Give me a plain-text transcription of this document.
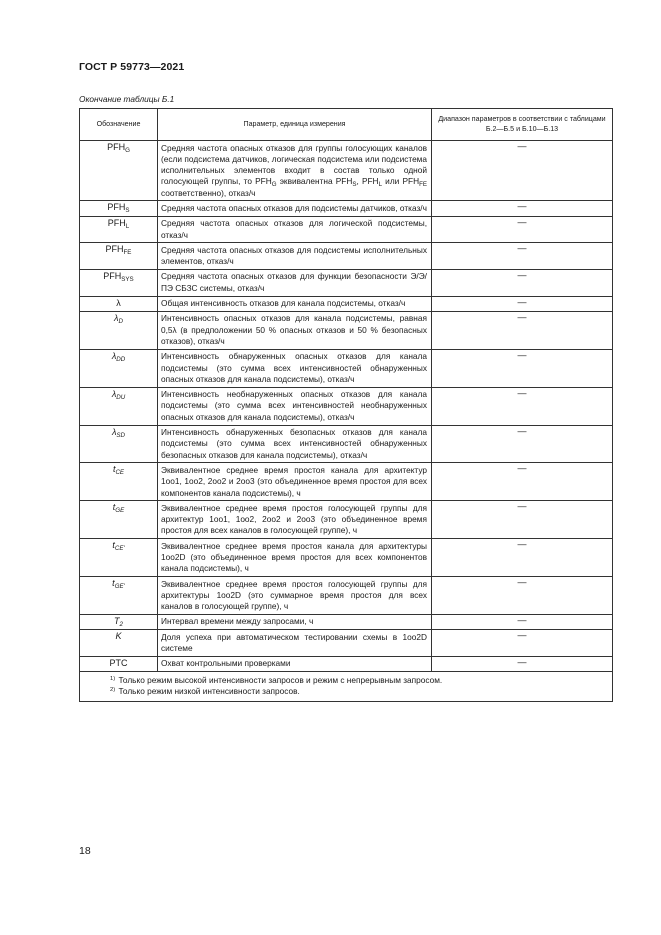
ГОСТ Р 59773—2021
Окончание таблицы Б.1
Обозначение	Параметр, единица измерения	Диапазон параметров в соответствии с таблицами Б.2—Б.5 и Б.10—Б.13
$PFH_G$	Средняя частота опасных отказов для группы голосующих каналов (если подсистема датчиков, логическая подсистема или подсистема исполнительных элементов входит в состав только одной голосующей группы, то $PFH_G$ эквивалентна $PFH_S$, $PFH_L$ или $PFH_{FE}$ соответственно), отказ/ч	—
$PFH_S$	Средняя частота опасных отказов для подсистемы датчиков, отказ/ч	—
$PFH_L$	Средняя частота опасных отказов для логической подсистемы, отказ/ч	—
$PFH_{FE}$	Средняя частота опасных отказов для подсистемы исполнительных элементов, отказ/ч	—
$PFH_{SYS}$	Средняя частота опасных отказов для функции безопасности Э/Э/ПЭ СБЗС системы, отказ/ч	—
λ	Общая интенсивность отказов для канала подсистемы, отказ/ч	—
$\lambda_D$	Интенсивность опасных отказов для канала подсистемы, равная 0,5λ (в предположении 50 % опасных отказов и 50 % безопасных отказов), отказ/ч	—
$\lambda_{DD}$	Интенсивность обнаруженных опасных отказов для канала подсистемы (это сумма всех интенсивностей обнаруженных опасных отказов для канала подсистемы), отказ/ч	—
$\lambda_{DU}$	Интенсивность необнаруженных опасных отказов для канала подсистемы (это сумма всех интенсивностей необнаруженных опасных отказов для канала подсистемы), отказ/ч	—
$\lambda_{SD}$	Интенсивность обнаруженных безопасных отказов для канала подсистемы (это сумма всех интенсивностей обнаруженных безопасных отказов для канала подсистемы), отказ/ч	—
$t_{CE}$	Эквивалентное среднее время простоя канала для архитектур 1oo1, 1oo2, 2oo2 и 2oo3 (это объединенное время простоя для всех компонентов канала подсистемы), ч	—
$t_{GE}$	Эквивалентное среднее время простоя голосующей группы для архитектур 1oo1, 1oo2, 2oo2 и 2oo3 (это объединенное время простоя для всех каналов в голосующей группе), ч	—
$t_{CE'}$	Эквивалентное среднее время простоя канала для архитектуры 1oo2D (это объединенное время простоя для всех компонентов канала подсистемы), ч	—
$t_{GE'}$	Эквивалентное среднее время простоя голосующей группы для архитектуры 1oo2D (это суммарное время простоя для всех каналов в голосующей группе), ч	—
$T_2$	Интервал времени между запросами, ч	—
K	Доля успеха при автоматическом тестировании схемы в 1oo2D системе	—
PTC	Охват контрольными проверками	—

$^{1)}$ Только режим высокой интенсивности запросов и режим с непрерывным запросом.
$^{2)}$ Только режим низкой интенсивности запросов.		
18
